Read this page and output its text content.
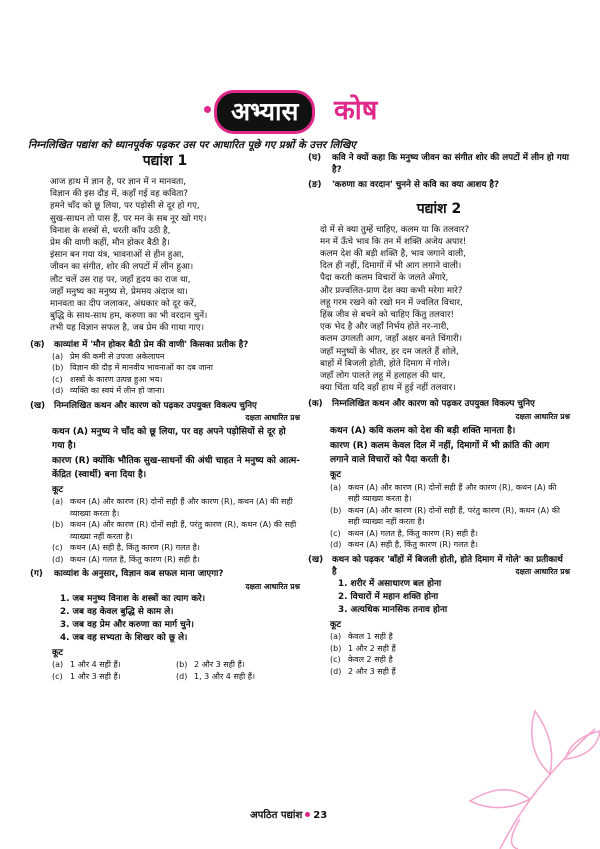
अभ्यास	कोष
निम्नलिखित पद्यांश को ध्यानपूर्वक पढ़कर उस पर आधारित पूछे गए प्रश्नों के उत्तर लिखिए
पद्यांश 1
आज हाथ में ज्ञान है, पर ज्ञान में न मानवता,
विज्ञान की इस दौड़ में, कहाँ गई वह कविता?
हमने चाँद को छू लिया, पर पड़ोसी से दूर हो गए,
सुख-साधन तो पास हैं, पर मन के सब नूर खो गए।
विनाश के शस्त्रों से, धरती काँप उठी है,
प्रेम की वाणी कहीं, मौन होकर बैठी है।
इंसान बन गया यंत्र, भावनाओं से हीन हुआ,
जीवन का संगीत, शोर की लपटों में लीन हुआ।
लौट चलें उस राह पर, जहाँ हृदय का राज था,
जहाँ मनुष्य का मनुष्य से, प्रेममय अंदाज था।
मानवता का दीप जलाकर, अंधकार को दूर करें,
बुद्धि के साथ-साथ हम, करुणा का भी वरदान चुनें।
तभी यह विज्ञान सफल है, जब प्रेम की गाथा गाए।
(क)	काव्यांश में 'मौन होकर बैठी प्रेम की वाणी' किसका प्रतीक है?
(a) प्रेम की कमी से उपजा अकेलापन
(b) विज्ञान की दौड़ में मानवीय भावनाओं का दब जाना
(c) शस्त्रों के कारण उत्पन्न हुआ भय।
(d) व्यक्ति का स्वयं में लीन हो जाना।
(ख)	निम्नलिखित कथन और कारण को पढ़कर उपयुक्त विकल्प चुनिए
दक्षता आधारित प्रश्न
कथन (A) मनुष्य ने चाँद को छू लिया, पर वह अपने पड़ोसियों से दूर हो गया है।
कारण (R) क्योंकि भौतिक सुख-साधनों की अंधी चाहत ने मनुष्य को आत्म-केंद्रित (स्वार्थी) बना दिया है।
कूट
(a) कथन (A) और कारण (R) दोनों सही हैं और कारण (R), कथन (A) की सही व्याख्या करता है।
(b) कथन (A) और कारण (R) दोनों सही हैं, परंतु कारण (R), कथन (A) की सही व्याख्या नहीं करता है।
(c) कथन (A) सही है, किंतु कारण (R) गलत है।
(d) कथन (A) गलत है, किंतु कारण (R) सही है।
(ग)	काव्यांश के अनुसार, विज्ञान कब सफल माना जाएगा?
दक्षता आधारित प्रश्न
1. जब मनुष्य विनाश के शस्त्रों का त्याग करे।
2. जब वह केवल बुद्धि से काम ले।
3. जब वह प्रेम और करुणा का मार्ग चुने।
4. जब वह सभ्यता के शिखर को छू ले।
कूट
(a) 1 और 4 सही हैं।	(b) 2 और 3 सही हैं।
(c) 1 और 3 सही हैं।	(d) 1, 3 और 4 सही हैं।
(घ)	कवि ने क्यों कहा कि मनुष्य जीवन का संगीत शोर की लपटों में लीन हो गया है?
(ङ)	'करुणा का वरदान' चुनने से कवि का क्या आशय है?
पद्यांश 2
दो में से क्या तुम्हें चाहिए, कलम या कि तलवार?
मन में ऊँचे भाव कि तन में शक्ति अजेय अपार!
कलम देश की बड़ी शक्ति है, भाव जगाने वाली,
दिल ही नहीं, दिमागों में भी आग लगाने वाली।
पैदा करती कलम विचारों के जलते अँगारे,
और प्रज्वलित-प्राण देश क्या कभी मरेगा मारे?
लहू गरम रखने को रखो मन में ज्वलित विचार,
हिंस्र जीव से बचने को चाहिए किंतु तलवार!
एक भेद है और जहाँ निर्भय होते नर-नारी,
कलम उगलती आग, जहाँ अक्षर बनते चिंगारी।
जहाँ मनुष्यों के भीतर, हर दम जलते हैं शोले,
बाहों में बिजली होती, होते दिमाग में गोले।
जहाँ लोग पालते लहू में हलाहल की धार,
क्या चिंता यदि वहाँ हाथ में हुई नहीं तलवार।
(क)	निम्नलिखित कथन और कारण को पढ़कर उपयुक्त विकल्प चुनिए
दक्षता आधारित प्रश्न
कथन (A) कवि कलम को देश की बड़ी शक्ति मानता है।
कारण (R) कलम केवल दिल में नहीं, दिमागों में भी क्रांति की आग लगाने वाले विचारों को पैदा करती है।
कूट
(a) कथन (A) और कारण (R) दोनों सही हैं और कारण (R), कथन (A) की सही व्याख्या करता है।
(b) कथन (A) और कारण (R) दोनों सही हैं, परंतु कारण (R), कथन (A) की सही व्याख्या नहीं करता है।
(c) कथन (A) गलत है, किंतु कारण (R) सही है।
(d) कथन (A) सही है, किंतु कारण (R) गलत है।
(ख)	कथन को पढ़कर 'बाँहों में बिजली होती, होते दिमाग में गोले' का प्रतीकार्थ है	दक्षता आधारित प्रश्न
1. शरीर में असाधारण बल होना
2. विचारों में महान शक्ति होना
3. अत्यधिक मानसिक तनाव होना
कूट
(a) केवल 1 सही है
(b) 1 और 2 सही हैं
(c) केवल 2 सही है
(d) 2 और 3 सही हैं
अपठित पद्यांश 23
